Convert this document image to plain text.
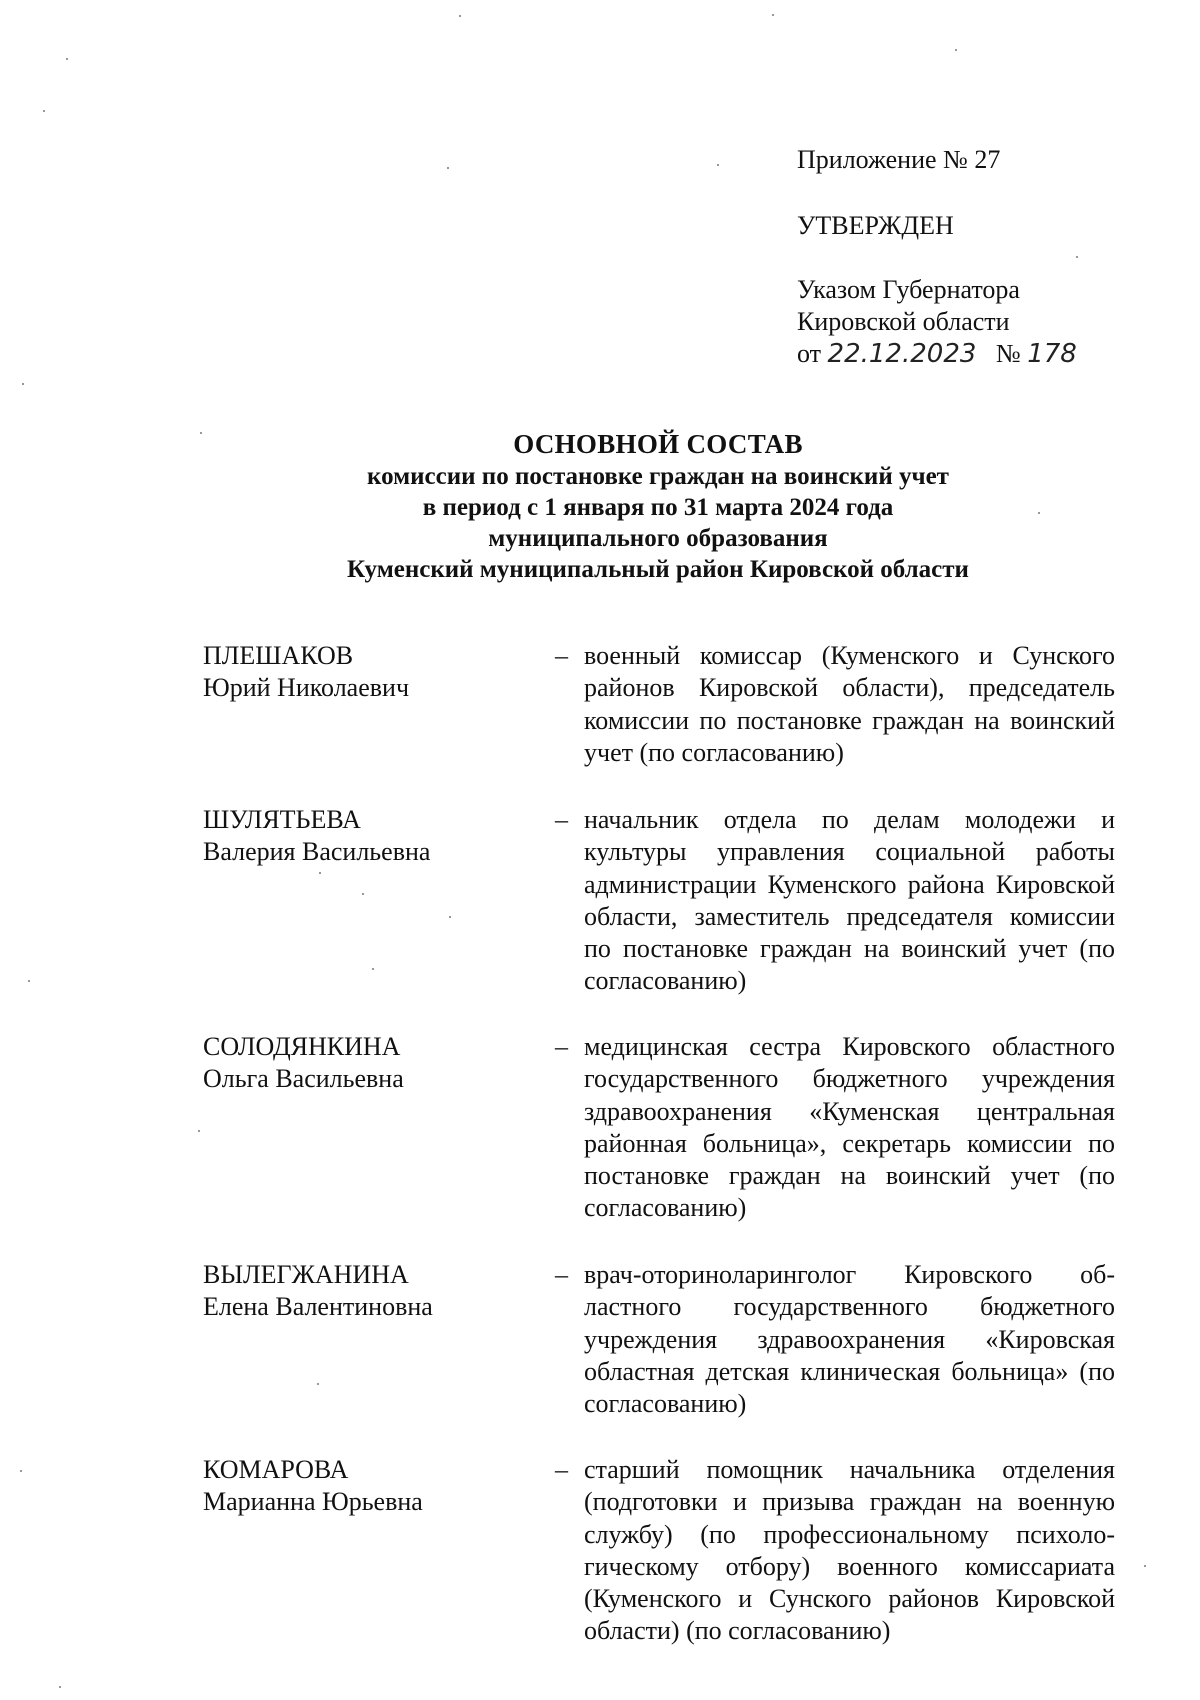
Приложение № 27
УТВЕРЖДЕН
Указом Губернатора
Кировской области
от 22.12.2023 № 178
ОСНОВНОЙ СОСТАВ
комиссии по постановке граждан на воинский учет
в период с 1 января по 31 марта 2024 года
муниципального образования
Куменский муниципальный район Кировской области
ПЛЕШАКОВ
Юрий Николаевич
– военный комиссар (Куменского и Сунского районов Кировской области), председатель комиссии по постановке граждан на воинский учет (по согласованию)
ШУЛЯТЬЕВА
Валерия Васильевна
– начальник отдела по делам молодежи и культуры управления социальной работы администрации Куменского района Кировской области, заместитель председателя комиссии по постановке граждан на воинский учет (по согласованию)
СОЛОДЯНКИНА
Ольга Васильевна
– медицинская сестра Кировского областного государственного бюджетного учреждения здравоохранения «Куменская центральная районная больница», секретарь комиссии по постановке граждан на воинский учет (по согласованию)
ВЫЛЕГЖАНИНА
Елена Валентиновна
– врач-оториноларинголог Кировского областного государственного бюджетного учреждения здравоохранения «Кировская областная детская клиническая больница» (по согласованию)
КОМАРОВА
Марианна Юрьевна
– старший помощник начальника отделения (подготовки и призыва граждан на военную службу) (по профессиональному психологическому отбору) военного комиссариата (Куменского и Сунского районов Кировской области) (по согласованию)
